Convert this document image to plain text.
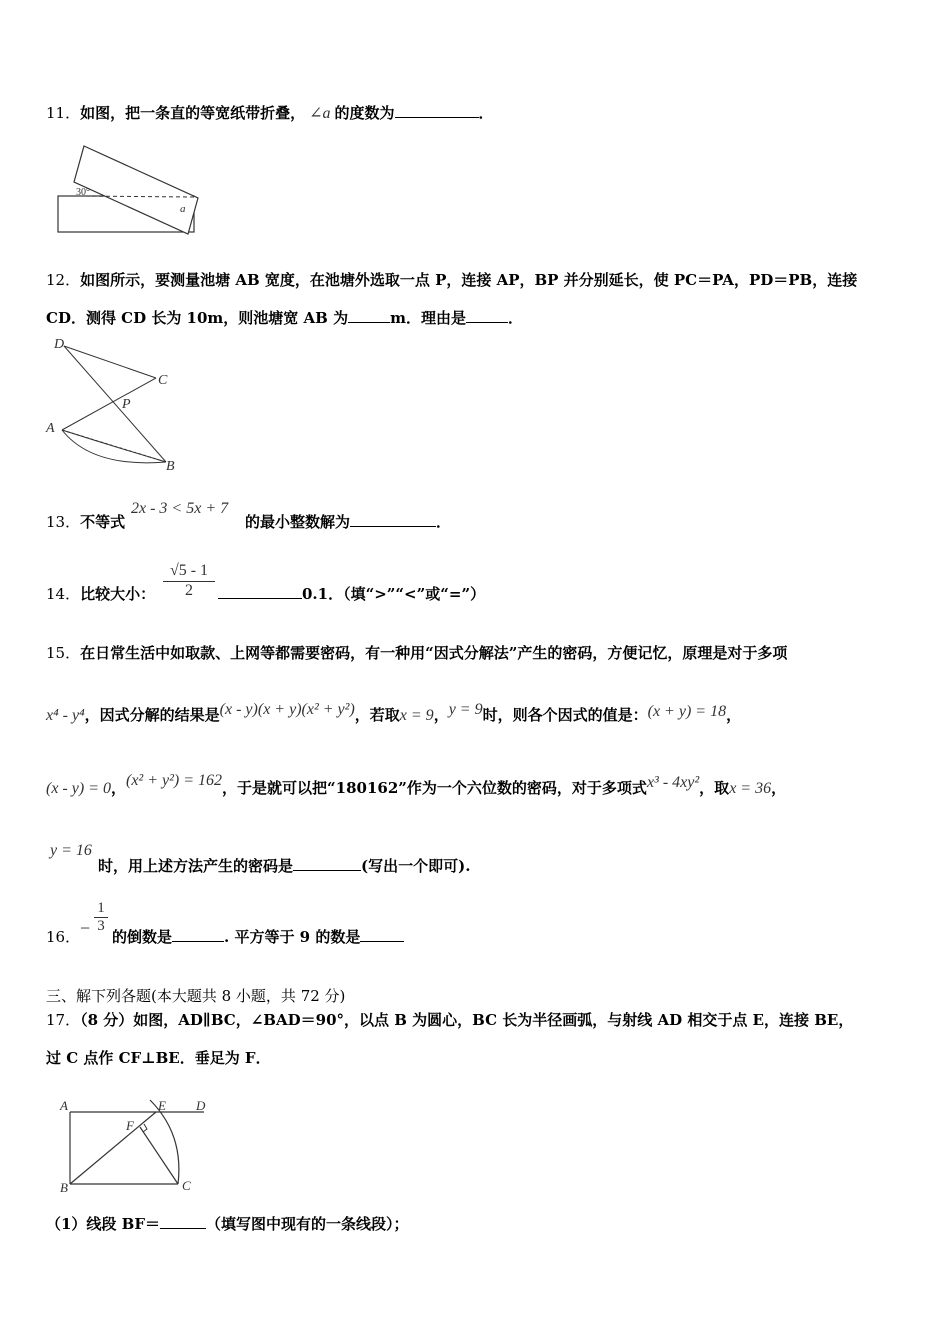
11．如图，把一条直的等宽纸带折叠， ∠a 的度数为	．
30°
a
12．如图所示，要测量池塘 AB 宽度，在池塘外选取一点 P，连接 AP，BP 并分别延长，使 PC＝PA，PD＝PB，连接
CD．测得 CD 长为 10m，则池塘宽 AB 为	m．理由是	．
D
C
P
A
B
13．不等式
2x - 3 < 5x + 7
的最小整数解为	．
14．比较大小： $\frac{√5 - 1}{2}$	0.1．（填“>”“<”或“=”）
15．在日常生活中如取款、上网等都需要密码，有一种用“因式分解法”产生的密码，方便记忆，原理是对于多项
x⁴ - y⁴，因式分解的结果是(x - y)(x + y)(x² + y²)，若取x = 9，y = 9时，则各个因式的值是：(x + y) = 18，
(x - y) = 0，(x² + y²) = 162，于是就可以把“180162”作为一个六位数的密码，对于多项式x³ - 4xy²，取x = 36，
y = 16
时，用上述方法产生的密码是	(写出一个即可).
16． − $\frac{1}{3}$
的倒数是	. 平方等于 9 的数是
三、解下列各题(本大题共 8 小题，共 72 分)
17．（8 分）如图，AD∥BC，∠BAD＝90°，以点 B 为圆心，BC 长为半径画弧，与射线 AD 相交于点 E，连接 BE，
过 C 点作 CF⊥BE．垂足为 F．
A	E D
F
B	C
（1）线段 BF＝	（填写图中现有的一条线段）；
